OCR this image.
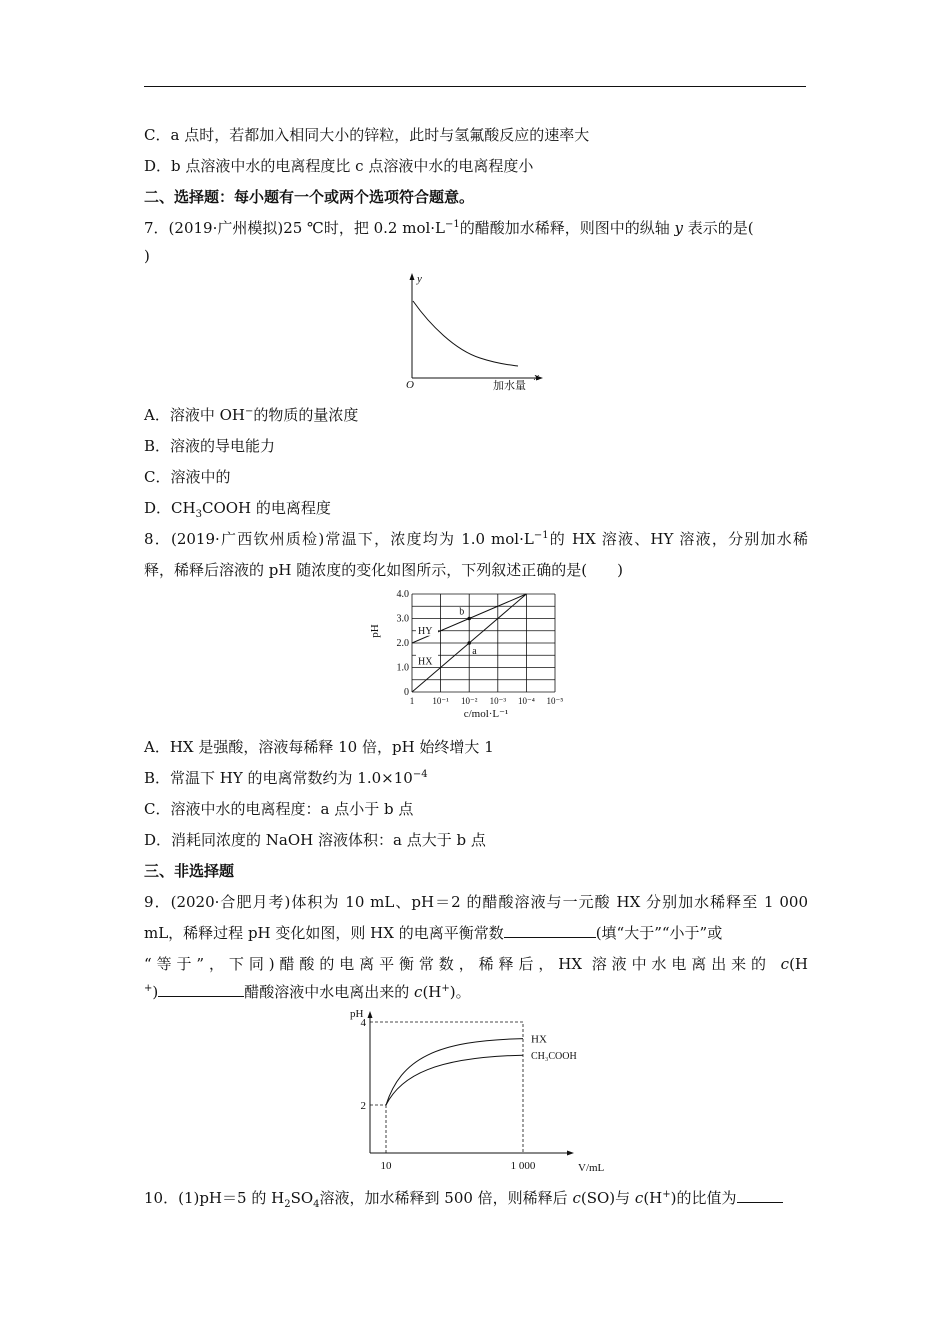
C．a 点时，若都加入相同大小的锌粒，此时与氢氟酸反应的速率大
D．b 点溶液中水的电离程度比 c 点溶液中水的电离程度小
二、选择题：每小题有一个或两个选项符合题意。
7．(2019·广州模拟)25 ℃时，把 0.2 $mol\cdot L^{-1}$的醋酸加水稀释，则图中的纵轴 y 表示的是(
)
y
x
O	加水量
A．溶液中 OH−的物质的量浓度
B．溶液的导电能力
C．溶液中的
D．$CH_3COOH$ 的电离程度
8．(2019·广西钦州质检)常温下，浓度均为 1.0 $mol\cdot L^{-1}$的 HX 溶液、HY 溶液，分别加水稀
释，稀释后溶液的 pH 随浓度的变化如图所示，下列叙述正确的是(　　)
HY
HX
b
a
1 10⁻¹ 10⁻² 10⁻³ 10⁻⁴ 10⁻⁵
0
1.0
2.0
3.0
4.0
pH
c/mol·L⁻¹
A．HX 是强酸，溶液每稀释 10 倍，pH 始终增大 1
B．常温下 HY 的电离常数约为 $1.0\times 10^{-4}$
C．溶液中水的电离程度：a 点小于 b 点
D．消耗同浓度的 NaOH 溶液体积：a 点大于 b 点
三、非选择题
9．(2020·合肥月考)体积为 10 mL、pH＝2 的醋酸溶液与一元酸 HX 分别加水稀释至 1 000
mL，稀释过程 pH 变化如图，则 HX 的电离平衡常数	(填“大于”“小于”或
“等于”，下同)醋酸的电离平衡常数，稀释后，HX 溶液中水电离出来的 c(H
+)	醋酸溶液中水电离出来的 c(H+)。
HX
CH₃COOH
4
2
10	1 000
pH
V/mL
10．(1)pH＝5 的 $H_2SO_4$溶液，加水稀释到 500 倍，则稀释后 c(SO)与 c(H+)的比值为
